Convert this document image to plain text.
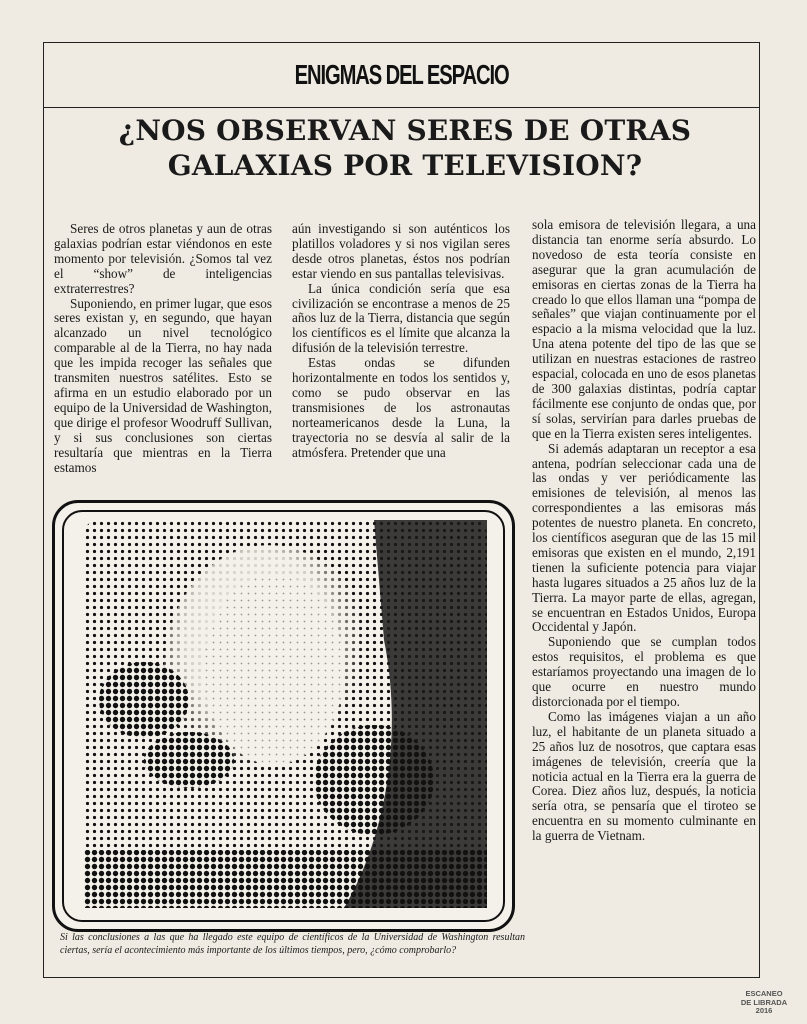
ENIGMAS DEL ESPACIO
¿NOS OBSERVAN SERES DE OTRAS
GALAXIAS POR TELEVISION?

Seres de otros planetas y aun de otras galaxias podrían estar viéndonos en este momento por televisión. ¿Somos tal vez el “show” de inteligencias extraterrestres?

Suponiendo, en primer lugar, que esos seres existan y, en segundo, que hayan alcanzado un nivel tecnológico comparable al de la Tierra, no hay nada que les impida recoger las señales que transmiten nuestros satélites. Esto se afirma en un estudio elaborado por un equipo de la Universidad de Washington, que dirige el profesor Woodruff Sullivan, y si sus conclusiones son ciertas resultaría que mientras en la Tierra estamos

aún investigando si son auténticos los platillos voladores y si nos vigilan seres desde otros planetas, éstos nos podrían estar viendo en sus pantallas televisivas.

La única condición sería que esa civilización se encontrase a menos de 25 años luz de la Tierra, distancia que según los científicos es el límite que alcanza la difusión de la televisión terrestre.

Estas ondas se difunden horizontalmente en todos los sentidos y, como se pudo observar en las transmisiones de los astronautas norteamericanos desde la Luna, la trayectoria no se desvía al salir de la atmósfera. Pretender que una

sola emisora de televisión llegara, a una distancia tan enorme sería absurdo. Lo novedoso de esta teoría consiste en asegurar que la gran acumulación de emisoras en ciertas zonas de la Tierra ha creado lo que ellos llaman una “pompa de señales” que viajan continuamente por el espacio a la misma velocidad que la luz. Una atena potente del tipo de las que se utilizan en nuestras estaciones de rastreo espacial, colocada en uno de esos planetas de 300 galaxias distintas, podría captar fácilmente ese conjunto de ondas que, por sí solas, servirían para darles pruebas de que en la Tierra existen seres inteligentes.

Si además adaptaran un receptor a esa antena, podrían seleccionar cada una de las ondas y ver periódicamente las emisiones de televisión, al menos las correspondientes a las emisoras más potentes de nuestro planeta. En concreto, los científicos aseguran que de las 15 mil emisoras que existen en el mundo, 2,191 tienen la suficiente potencia para viajar hasta lugares situados a 25 años luz de la Tierra. La mayor parte de ellas, agregan, se encuentran en Estados Unidos, Europa Occidental y Japón.

Suponiendo que se cumplan todos estos requisitos, el problema es que estaríamos proyectando una imagen de lo que ocurre en nuestro mundo distorcionada por el tiempo.

Como las imágenes viajan a un año luz, el habitante de un planeta situado a 25 años luz de nosotros, que captara esas imágenes de televisión, creería que la noticia actual en la Tierra era la guerra de Corea. Diez años luz, después, la noticia sería otra, se pensaría que el tiroteo se encuentra en su momento culminante en la guerra de Vietnam.

Si las conclusiones a las que ha llegado este equipo de científicos de la Universidad de Washington resultan ciertas, sería el acontecimiento más importante de los últimos tiempos, pero, ¿cómo comprobarlo?
ESCANEO
DE LIBRADA
2016
